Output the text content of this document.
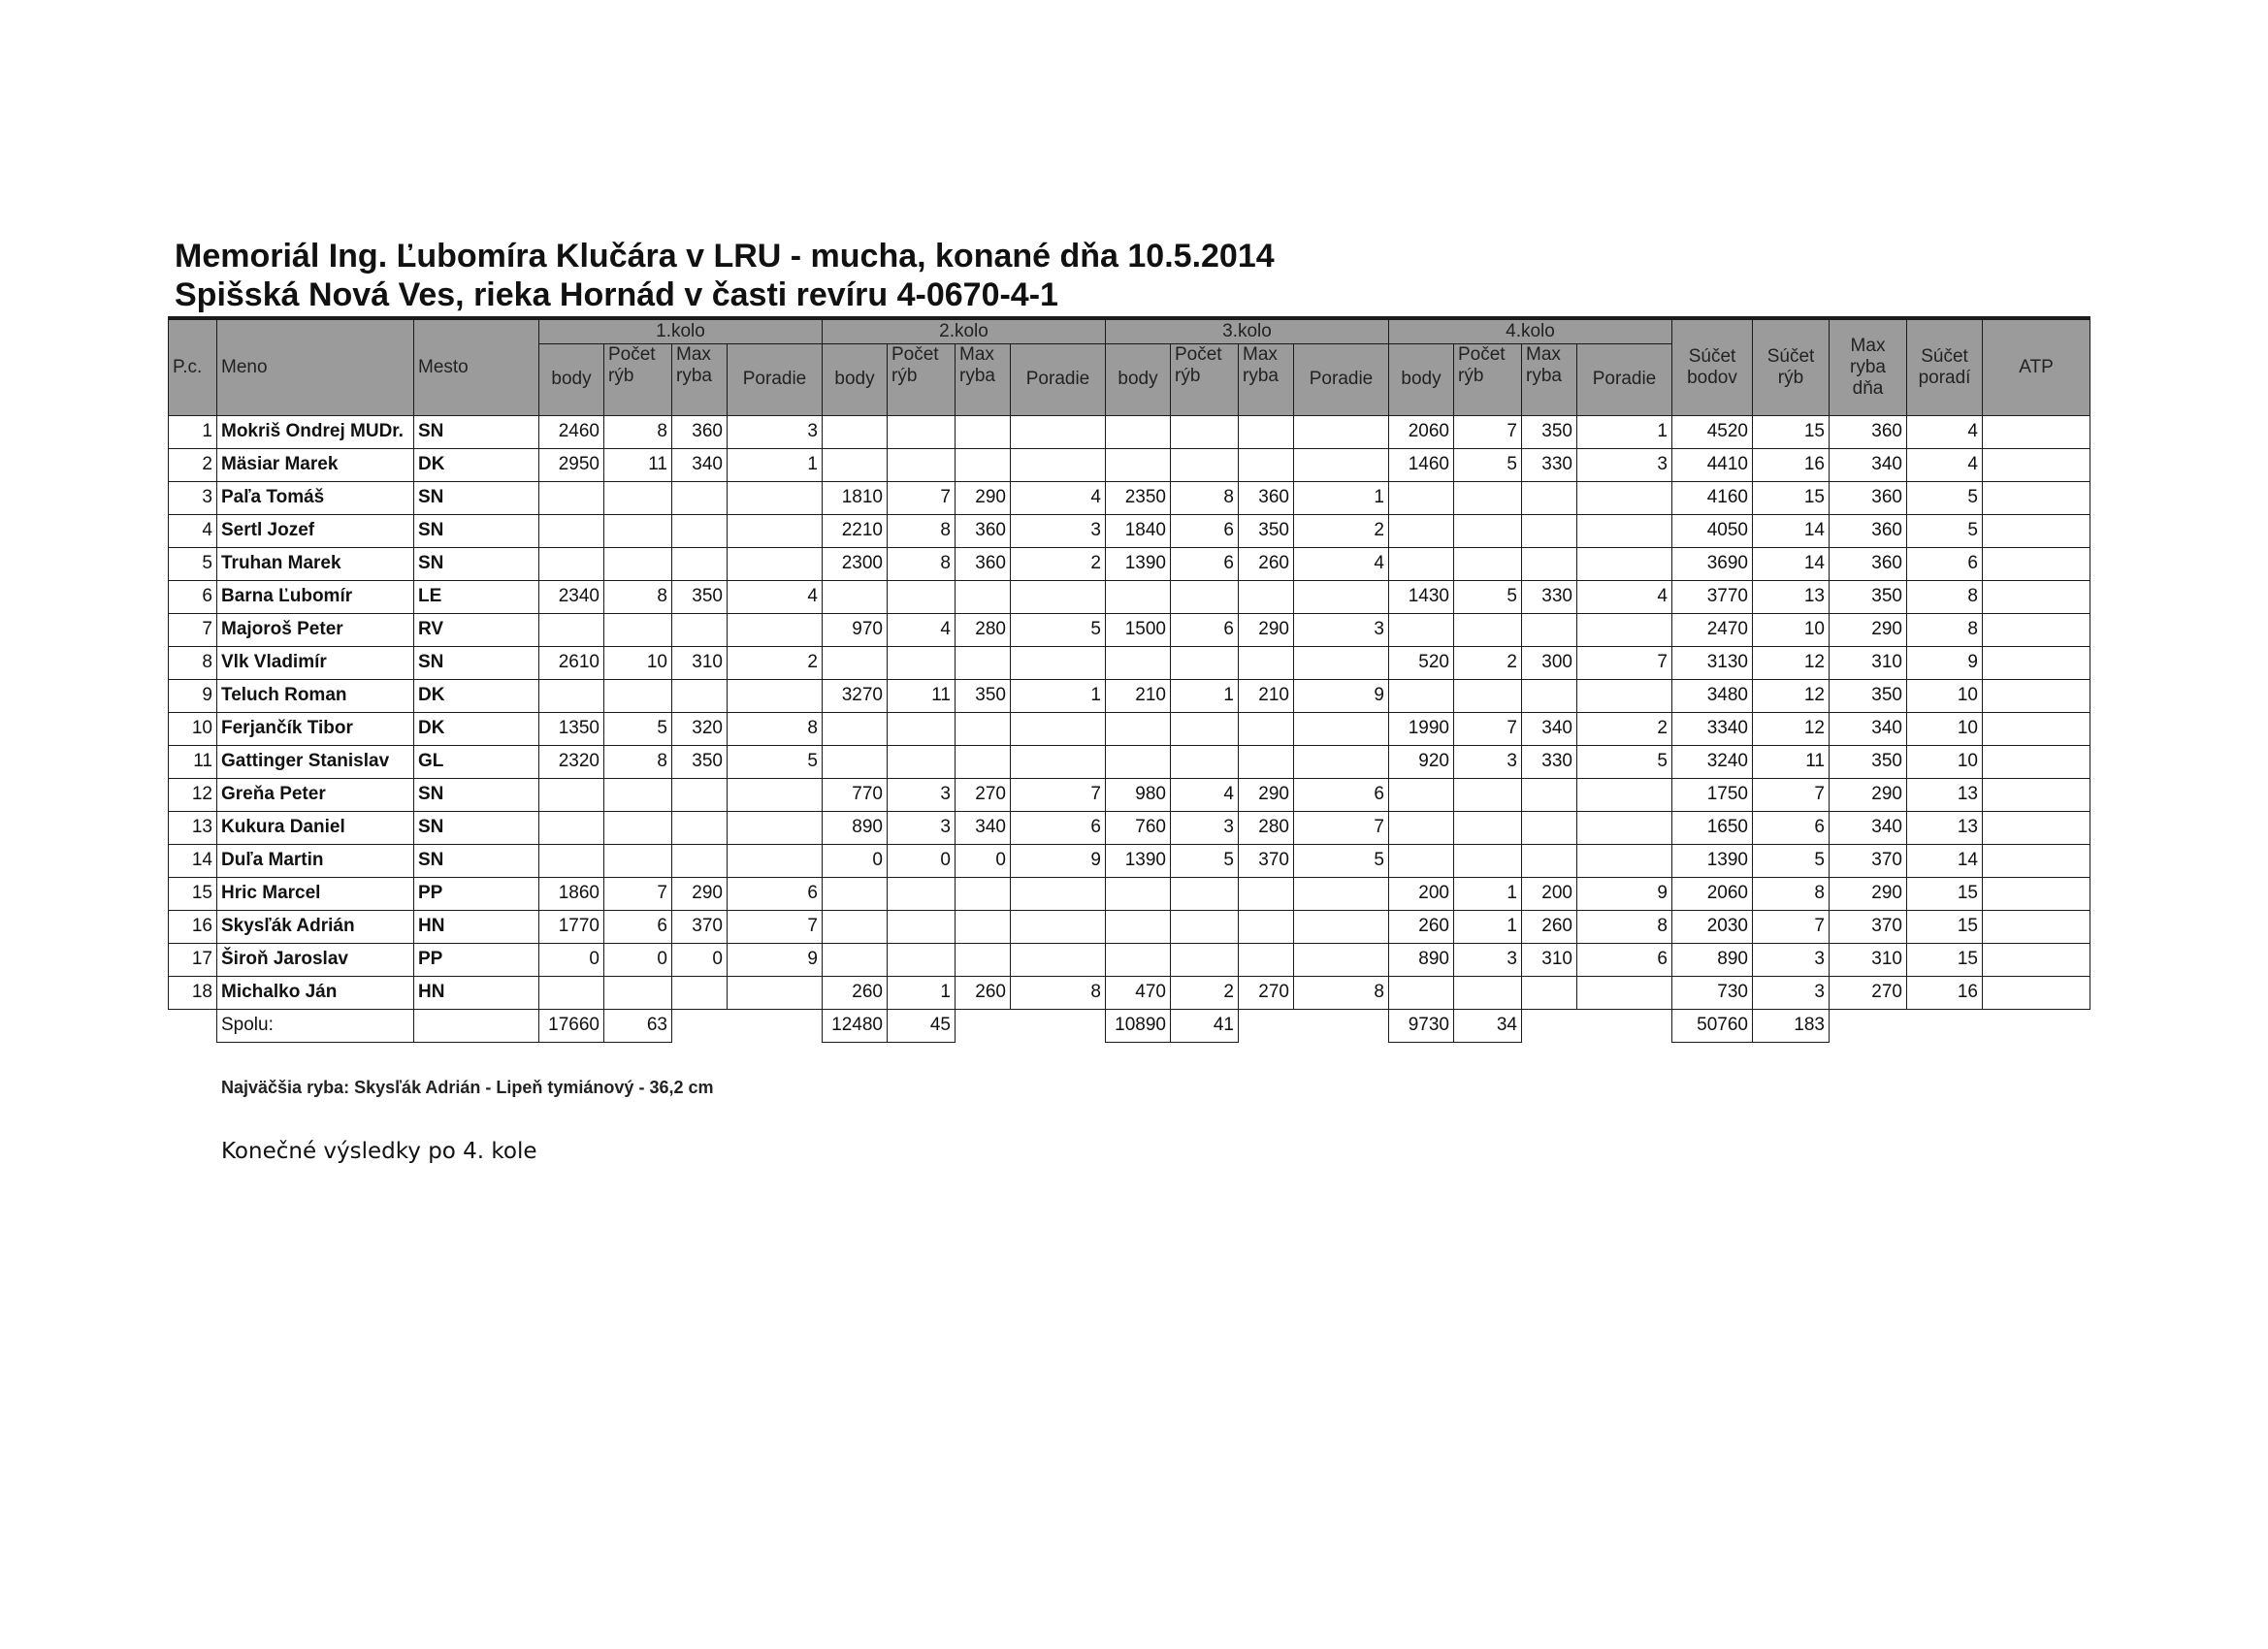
Memoriál Ing. Ľubomíra Klučára v LRU - mucha, konané dňa 10.5.2014
Spišská Nová Ves, rieka Hornád v časti revíru 4-0670-4-1
P.c.	Meno	Mesto	1.kolo				2.kolo				3.kolo				4.kolo				Súčet bodov	Súčet rýb	Max ryba dňa	Súčet poradí	ATP
			body	Počet rýb	Max ryba	Poradie	body	Počet rýb	Max ryba	Poradie	body	Počet rýb	Max ryba	Poradie	body	Počet rýb	Max ryba	Poradie					
1	Mokriš Ondrej MUDr.	SN	2460	8	360	3									2060	7	350	1	4520	15	360	4	
2	Mäsiar Marek	DK	2950	11	340	1									1460	5	330	3	4410	16	340	4	
3	Paľa Tomáš	SN					1810	7	290	4	2350	8	360	1					4160	15	360	5	
4	Sertl Jozef	SN					2210	8	360	3	1840	6	350	2					4050	14	360	5	
5	Truhan Marek	SN					2300	8	360	2	1390	6	260	4					3690	14	360	6	
6	Barna Ľubomír	LE	2340	8	350	4									1430	5	330	4	3770	13	350	8	
7	Majoroš Peter	RV					970	4	280	5	1500	6	290	3					2470	10	290	8	
8	Vlk Vladimír	SN	2610	10	310	2									520	2	300	7	3130	12	310	9	
9	Teluch Roman	DK					3270	11	350	1	210	1	210	9					3480	12	350	10	
10	Ferjančík Tibor	DK	1350	5	320	8									1990	7	340	2	3340	12	340	10	
11	Gattinger Stanislav	GL	2320	8	350	5									920	3	330	5	3240	11	350	10	
12	Greňa Peter	SN					770	3	270	7	980	4	290	6					1750	7	290	13	
13	Kukura Daniel	SN					890	3	340	6	760	3	280	7					1650	6	340	13	
14	Duľa Martin	SN					0	0	0	9	1390	5	370	5					1390	5	370	14	
15	Hric Marcel	PP	1860	7	290	6									200	1	200	9	2060	8	290	15	
16	Skysľák Adrián	HN	1770	6	370	7									260	1	260	8	2030	7	370	15	
17	Široň Jaroslav	PP	0	0	0	9									890	3	310	6	890	3	310	15	
18	Michalko Ján	HN					260	1	260	8	470	2	270	8					730	3	270	16	
	Spolu:		17660	63			12480	45			10890	41			9730	34			50760	183			
Najväčšia ryba: Skysľák Adrián - Lipeň tymiánový - 36,2 cm
Konečné výsledky po 4. kole
